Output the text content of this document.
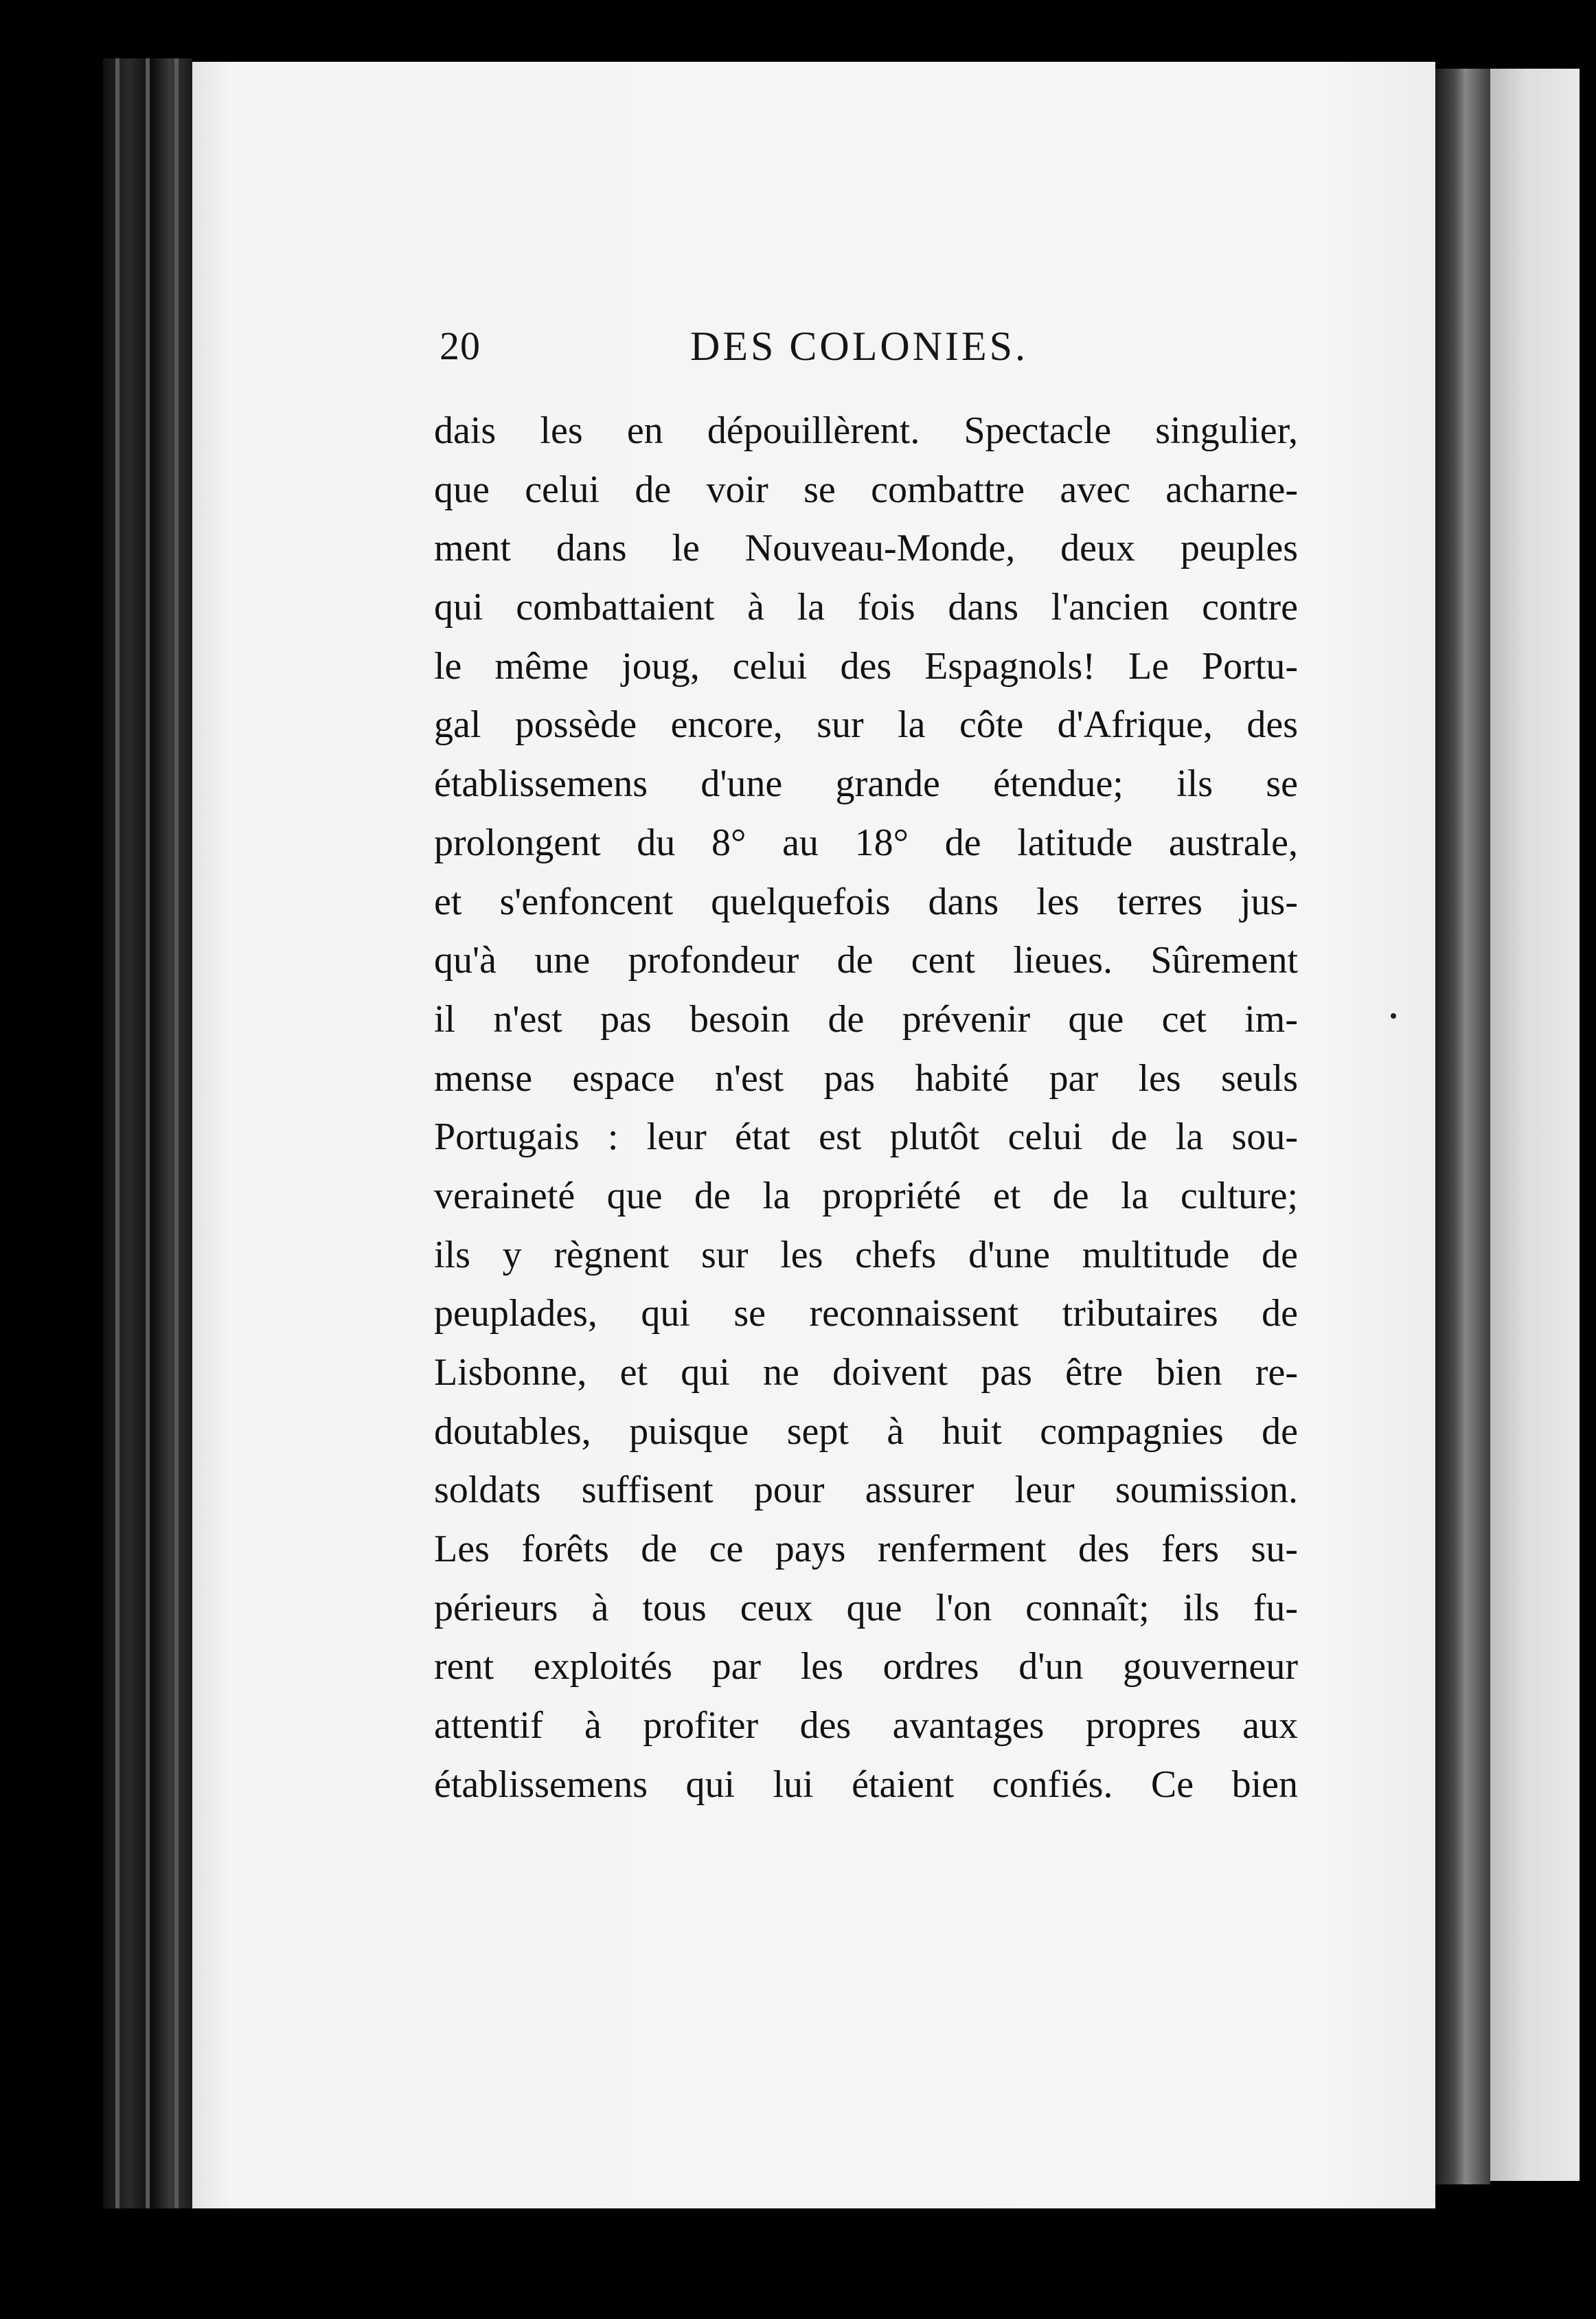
20	DES COLONIES.
dais les en dépouillèrent. Spectacle singulier,
que celui de voir se combattre avec acharne-
ment dans le Nouveau-Monde, deux peuples
qui combattaient à la fois dans l'ancien contre
le même joug, celui des Espagnols! Le Portu-
gal possède encore, sur la côte d'Afrique, des
établissemens d'une grande étendue; ils se
prolongent du 8° au 18° de latitude australe,
et s'enfoncent quelquefois dans les terres jus-
qu'à une profondeur de cent lieues. Sûrement
il n'est pas besoin de prévenir que cet im-
mense espace n'est pas habité par les seuls
Portugais : leur état est plutôt celui de la sou-
veraineté que de la propriété et de la culture;
ils y règnent sur les chefs d'une multitude de
peuplades, qui se reconnaissent tributaires de
Lisbonne, et qui ne doivent pas être bien re-
doutables, puisque sept à huit compagnies de
soldats suffisent pour assurer leur soumission.
Les forêts de ce pays renferment des fers su-
périeurs à tous ceux que l'on connaît; ils fu-
rent exploités par les ordres d'un gouverneur
attentif à profiter des avantages propres aux
établissemens qui lui étaient confiés. Ce bien
